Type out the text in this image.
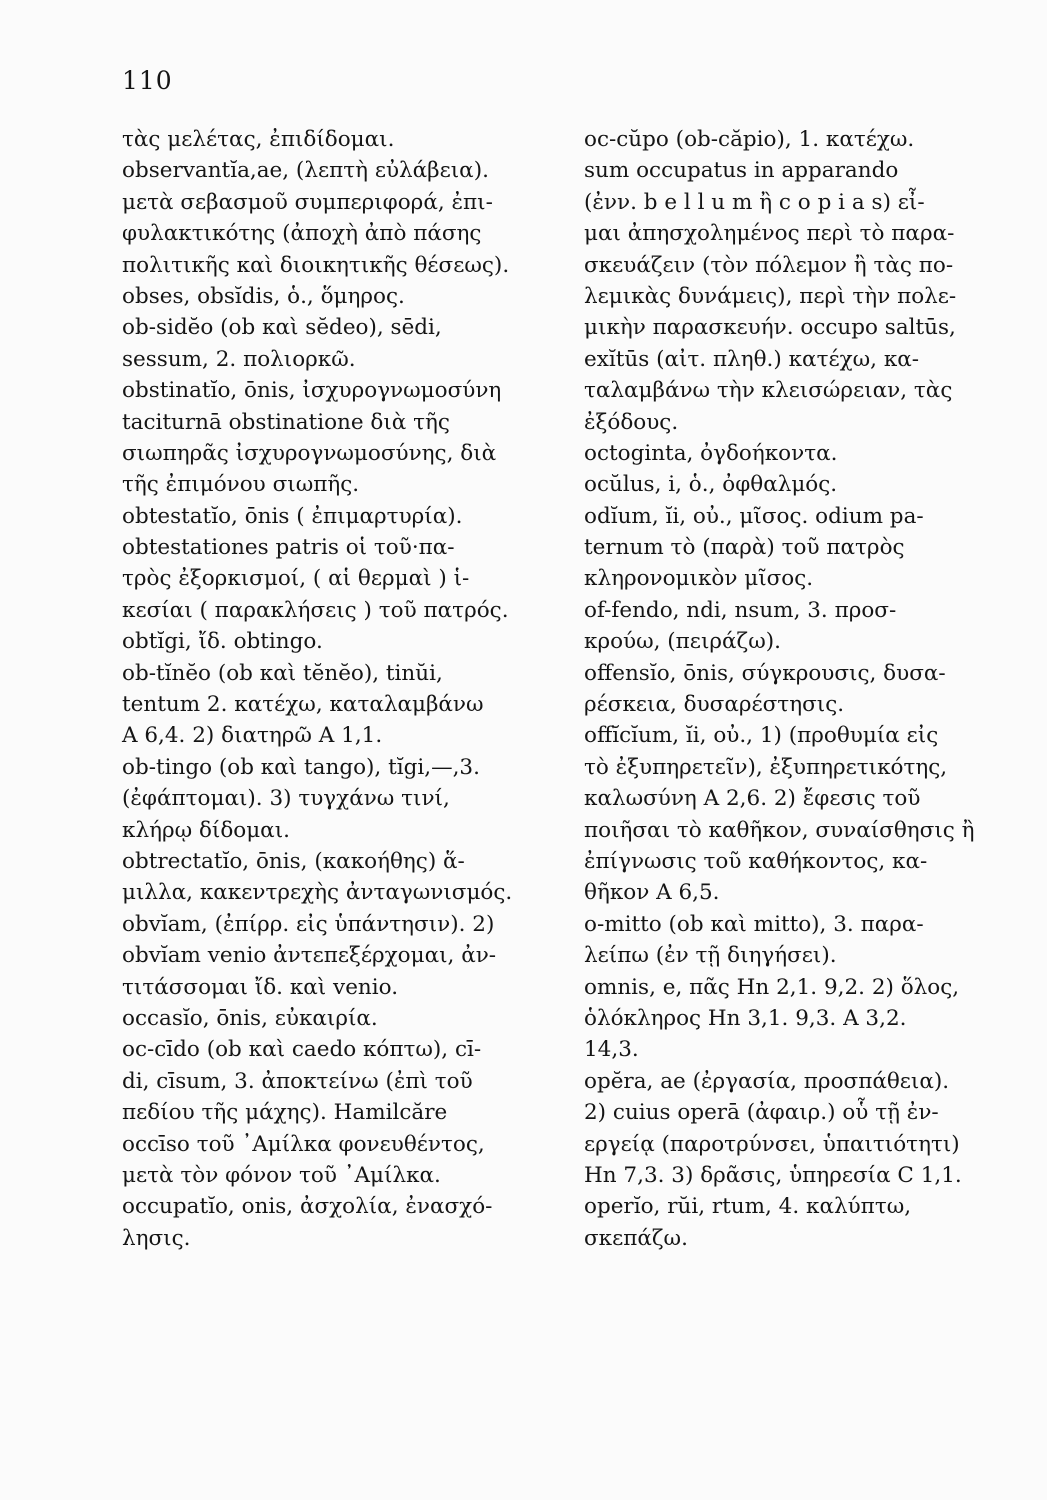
110
τὰς μελέτας, ἐπιδίδομαι.
observantĭa,ae, (λεπτὴ εὐλάβεια).
μετὰ σεβασμοῦ συμπεριφορά, ἐπι-
φυλακτικότης (ἀποχὴ ἀπὸ πάσης
πολιτικῆς καὶ διοικητικῆς θέσεως).
obses, obsĭdis, ὁ., ὅμηρος.
ob-sidĕo (ob καὶ sĕdeo), sēdi,
sessum, 2. πολιορκῶ.
obstinatĭo, ōnis, ἰσχυρογνωμοσύνη
taciturnā obstinatione διὰ τῆς
σιωπηρᾶς ἰσχυρογνωμοσύνης, διὰ
τῆς ἐπιμόνου σιωπῆς.
obtestatĭo, ōnis ( ἐπιμαρτυρία).
obtestationes patris οἱ τοῦ·πα-
τρὸς ἐξορκισμοί, ( αἱ θερμαὶ ) ἱ-
κεσίαι ( παρακλήσεις ) τοῦ πατρός.
obtĭgi, ἴδ. obtingo.
ob-tĭnĕo (ob καὶ tĕnĕo), tinŭi,
tentum 2. κατέχω, καταλαμβάνω
A 6,4. 2) διατηρῶ A 1,1.
ob-tingo (ob καὶ tango), tĭgi,—,3.
(ἐφάπτομαι). 3) τυγχάνω τινί,
κλήρῳ δίδομαι.
obtrectatĭo, ōnis, (κακοήθης) ἅ-
μιλλα, κακεντρεχὴς ἀνταγωνισμός.
obvĭam, (ἐπίρρ. εἰς ὑπάντησιν). 2)
obvĭam venio ἀντεπεξέρχομαι, ἀν-
τιτάσσομαι ἴδ. καὶ venio.
occasĭo, ōnis, εὐκαιρία.
oc-cīdo (ob καὶ caedo κόπτω), cī-
di, cīsum, 3. ἀποκτείνω (ἐπὶ τοῦ
πεδίου τῆς μάχης). Hamilcăre
occīso τοῦ ᾿Αμίλκα φονευθέντος,
μετὰ τὸν φόνον τοῦ ᾿Αμίλκα.
occupatĭo, onis, ἀσχολία, ἐνασχό-
λησις.
oc-cŭpo (ob-căpio), 1. κατέχω.
sum occupatus in apparando
(ἐνν. b e l l u m ἢ c o p i a s) εἶ-
μαι ἀπησχολημένος περὶ τὸ παρα-
σκευάζειν (τὸν πόλεμον ἢ τὰς πο-
λεμικὰς δυνάμεις), περὶ τὴν πολε-
μικὴν παρασκευήν. occupo saltūs,
exĭtūs (αἰτ. πληθ.) κατέχω, κα-
ταλαμβάνω τὴν κλεισώρειαν, τὰς
ἐξόδους.
octoginta, ὀγδοήκοντα.
ocŭlus, i, ὁ., ὀφθαλμός.
odĭum, ĭi, οὐ., μῖσος. odium pa-
ternum τὸ (παρὰ) τοῦ πατρὸς
κληρονομικὸν μῖσος.
of-fendo, ndi, nsum, 3. προσ-
κρούω, (πειράζω).
offensĭo, ōnis, σύγκρουσις, δυσα-
ρέσκεια, δυσαρέστησις.
offĭcĭum, ĭi, οὐ., 1) (προθυμία εἰς
τὸ ἐξυπηρετεῖν), ἐξυπηρετικότης,
καλωσύνη A 2,6. 2) ἔφεσις τοῦ
ποιῆσαι τὸ καθῆκον, συναίσθησις ἢ
ἐπίγνωσις τοῦ καθήκοντος, κα-
θῆκον A 6,5.
o-mitto (ob καὶ mitto), 3. παρα-
λείπω (ἐν τῇ διηγήσει).
omnis, e, πᾶς Hn 2,1. 9,2. 2) ὅλος,
ὁλόκληρος Hn 3,1. 9,3. A 3,2.
14,3.
opĕra, ae (ἐργασία, προσπάθεια).
2) cuius operā (ἀφαιρ.) οὗ τῇ ἐν-
εργείᾳ (παροτρύνσει, ὑπαιτιότητι)
Hn 7,3. 3) δρᾶσις, ὑπηρεσία C 1,1.
operĭo, rŭi, rtum, 4. καλύπτω,
σκεπάζω.
